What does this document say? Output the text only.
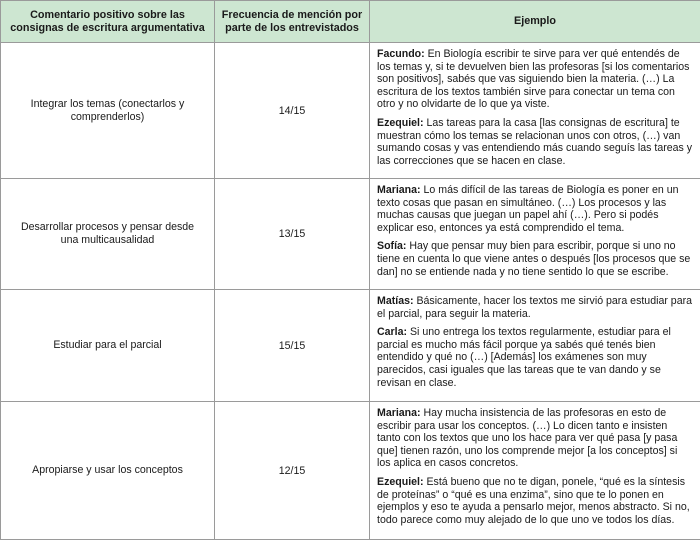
Comentario positivo sobre las consignas de escritura argumentativa	Frecuencia de mención por parte de los entrevistados	Ejemplo
Integrar los temas (conectarlos y comprenderlos)	14/15	Facundo: En Biología escribir te sirve para ver qué entendés de los temas y, si te devuelven bien las profesoras [si los comentarios son positivos], sabés que vas siguiendo bien la materia. (…) La escritura de los textos también sirve para conectar un tema con otro y no olvidarte de lo que ya viste.

Ezequiel: Las tareas para la casa [las consignas de escritura] te muestran cómo los temas se relacionan unos con otros, (…) van sumando cosas y vas entendiendo más cuando seguís las tareas y las correcciones que se hacen en clase.

Desarrollar procesos y pensar desde una multicausalidad	13/15	Mariana: Lo más difícil de las tareas de Biología es poner en un texto cosas que pasan en simultáneo. (…) Los procesos y las muchas causas que juegan un papel ahí (…). Pero si podés explicar eso, entonces ya está comprendido el tema.

Sofía: Hay que pensar muy bien para escribir, porque si uno no tiene en cuenta lo que viene antes o después [los procesos que se dan] no se entiende nada y no tiene sentido lo que se escribe.

Estudiar para el parcial	15/15	Matías: Básicamente, hacer los textos me sirvió para estudiar para el parcial, para seguir la materia.

Carla: Si uno entrega los textos regularmente, estudiar para el parcial es mucho más fácil porque ya sabés qué tenés bien entendido y qué no (…) [Además] los exámenes son muy parecidos, casi iguales que las tareas que te van dando y se revisan en clase.

Apropiarse y usar los conceptos	12/15	Mariana: Hay mucha insistencia de las profesoras en esto de escribir para usar los conceptos. (…) Lo dicen tanto e insisten tanto con los textos que uno los hace para ver qué pasa [y pasa que] tienen razón, uno los comprende mejor [a los conceptos] si los aplica en casos concretos.

Ezequiel: Está bueno que no te digan, ponele, “qué es la síntesis de proteínas” o “qué es una enzima”, sino que te lo ponen en ejemplos y eso te ayuda a pensarlo mejor, menos abstracto. Si no, todo parece como muy alejado de lo que uno ve todos los días.
